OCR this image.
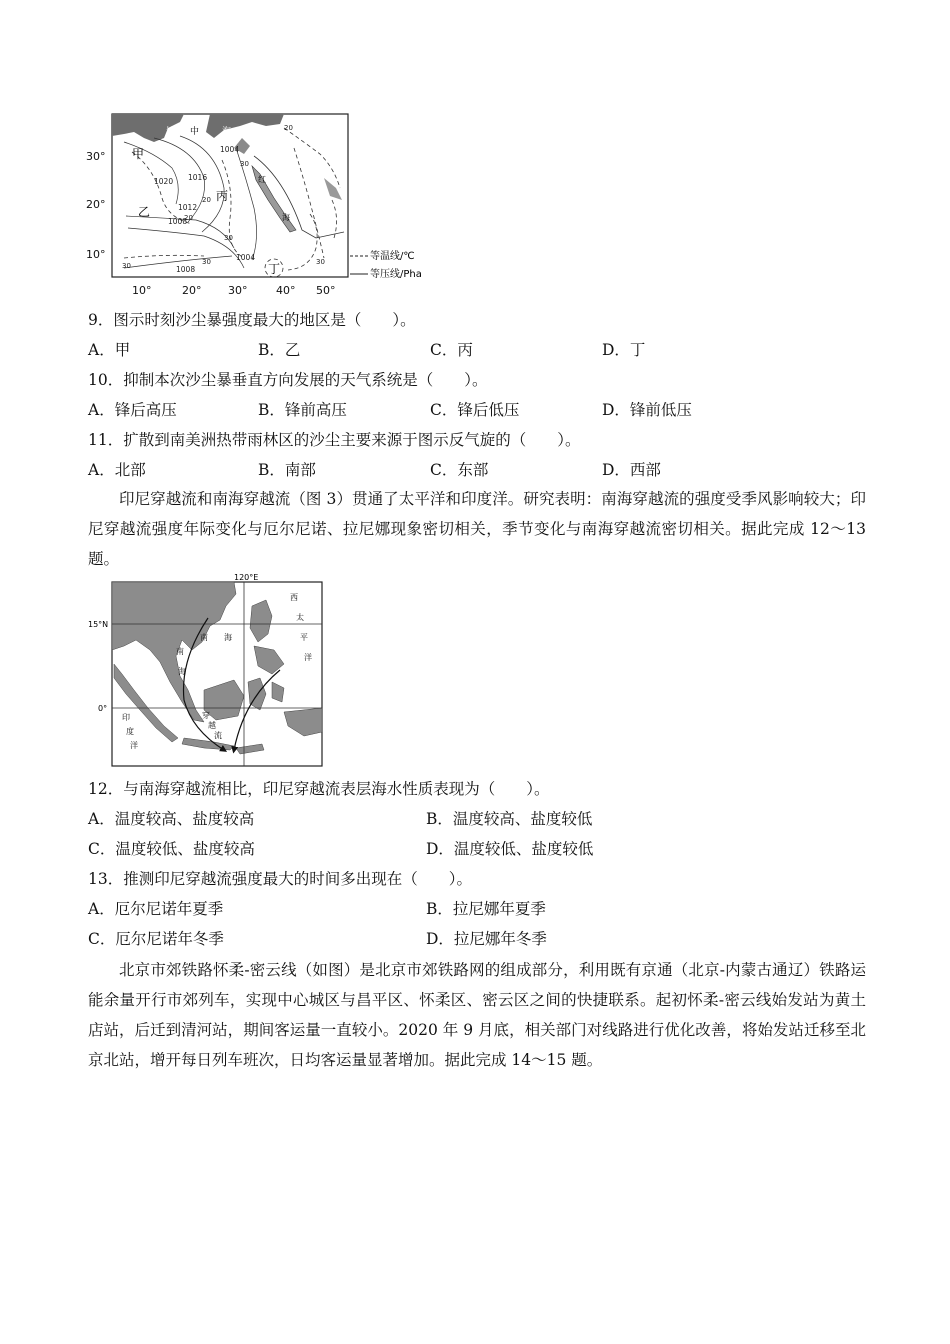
甲
乙
丙
丁
地 中	海
红
海
1020 1016
1012
1008
1004
1004
1008
20
20
20
30
30
30	30	30
30°
20°
10°
10°	20° 30°	40° 50°
等温线/℃
等压线/Pha
9．图示时刻沙尘暴强度最大的地区是（　　）。
A．甲	B．乙	C．丙	D．丁
10．抑制本次沙尘暴垂直方向发展的天气系统是（　　）。
A．锋后高压	B．锋前高压	C．锋后低压	D．锋前低压
11．扩散到南美洲热带雨林区的沙尘主要来源于图示反气旋的（　　）。
A．北部	B．南部	C．东部	D．西部
印尼穿越流和南海穿越流（图 3）贯通了太平洋和印度洋。研究表明：南海穿越流的强度受季风影响较大；印尼穿越流强度年际变化与厄尔尼诺、拉尼娜现象密切相关，季节变化与南海穿越流密切相关。据此完成 12～13 题。
120°E
15°N
0°
西
太
平
洋
南 海
南
海
穿
越
流
印
度
洋
12．与南海穿越流相比，印尼穿越流表层海水性质表现为（　　）。
A．温度较高、盐度较高	B．温度较高、盐度较低
C．温度较低、盐度较高	D．温度较低、盐度较低
13．推测印尼穿越流强度最大的时间多出现在（　　）。
A．厄尔尼诺年夏季	B．拉尼娜年夏季
C．厄尔尼诺年冬季	D．拉尼娜年冬季
北京市郊铁路怀柔-密云线（如图）是北京市郊铁路网的组成部分，利用既有京通（北京-内蒙古通辽）铁路运能余量开行市郊列车，实现中心城区与昌平区、怀柔区、密云区之间的快捷联系。起初怀柔-密云线始发站为黄土店站，后迁到清河站，期间客运量一直较小。2020 年 9 月底，相关部门对线路进行优化改善，将始发站迁移至北京北站，增开每日列车班次，日均客运量显著增加。据此完成 14～15 题。
